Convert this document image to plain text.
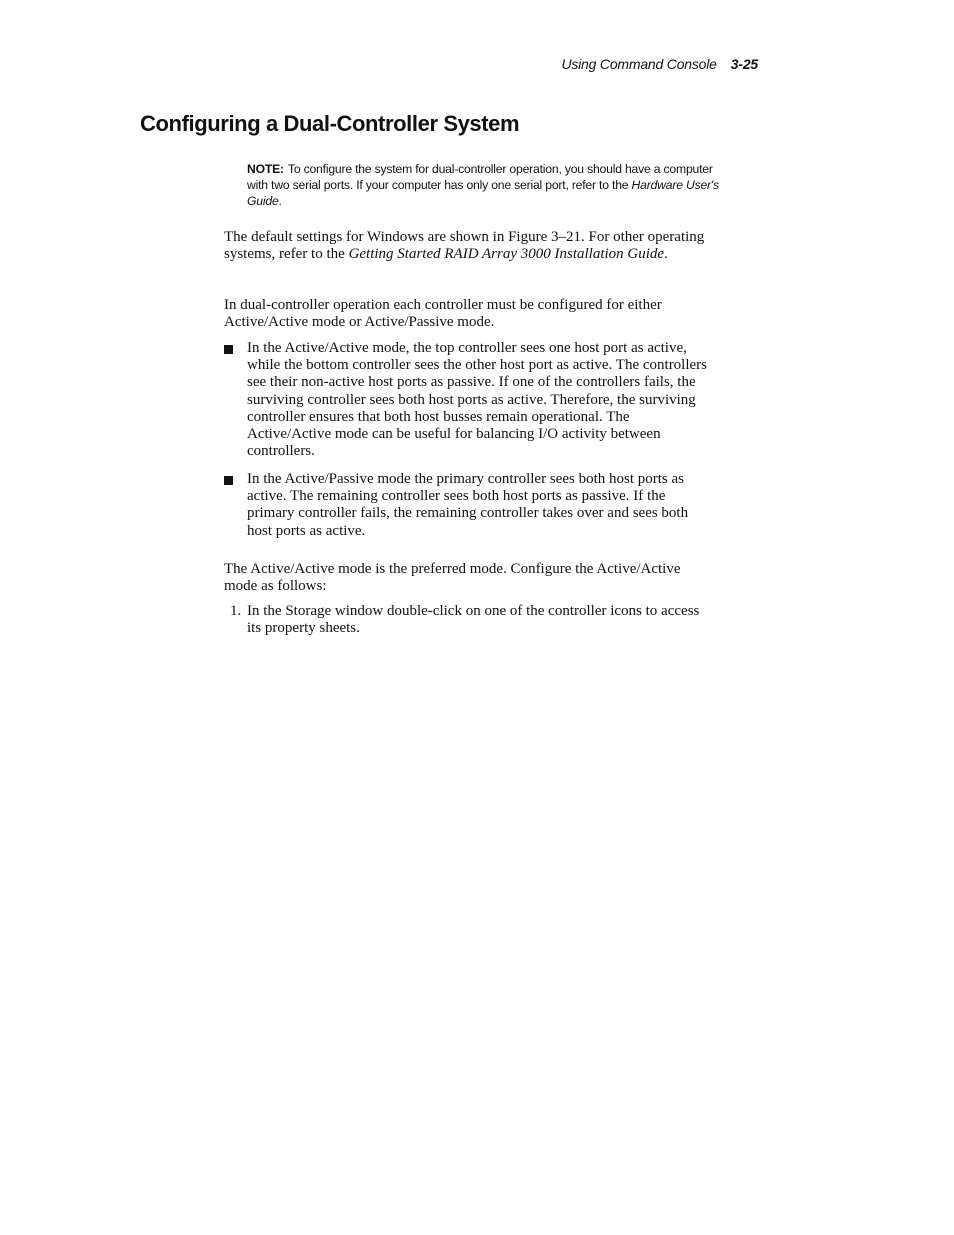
Using Command Console 3-25
Configuring a Dual-Controller System
NOTE: To configure the system for dual-controller operation, you should have a computer with two serial ports. If your computer has only one serial port, refer to the Hardware User's Guide.

The default settings for Windows are shown in Figure 3–21. For other operating systems, refer to the Getting Started RAID Array 3000 Installation Guide.

In dual-controller operation each controller must be configured for either Active/Active mode or Active/Passive mode.

In the Active/Active mode, the top controller sees one host port as active, while the bottom controller sees the other host port as active. The controllers see their non-active host ports as passive. If one of the controllers fails, the surviving controller sees both host ports as active. Therefore, the surviving controller ensures that both host busses remain operational. The Active/Active mode can be useful for balancing I/O activity between controllers.
In the Active/Passive mode the primary controller sees both host ports as active. The remaining controller sees both host ports as passive. If the primary controller fails, the remaining controller takes over and sees both host ports as active.

The Active/Active mode is the preferred mode. Configure the Active/Active mode as follows:

1. In the Storage window double-click on one of the controller icons to access its property sheets.
